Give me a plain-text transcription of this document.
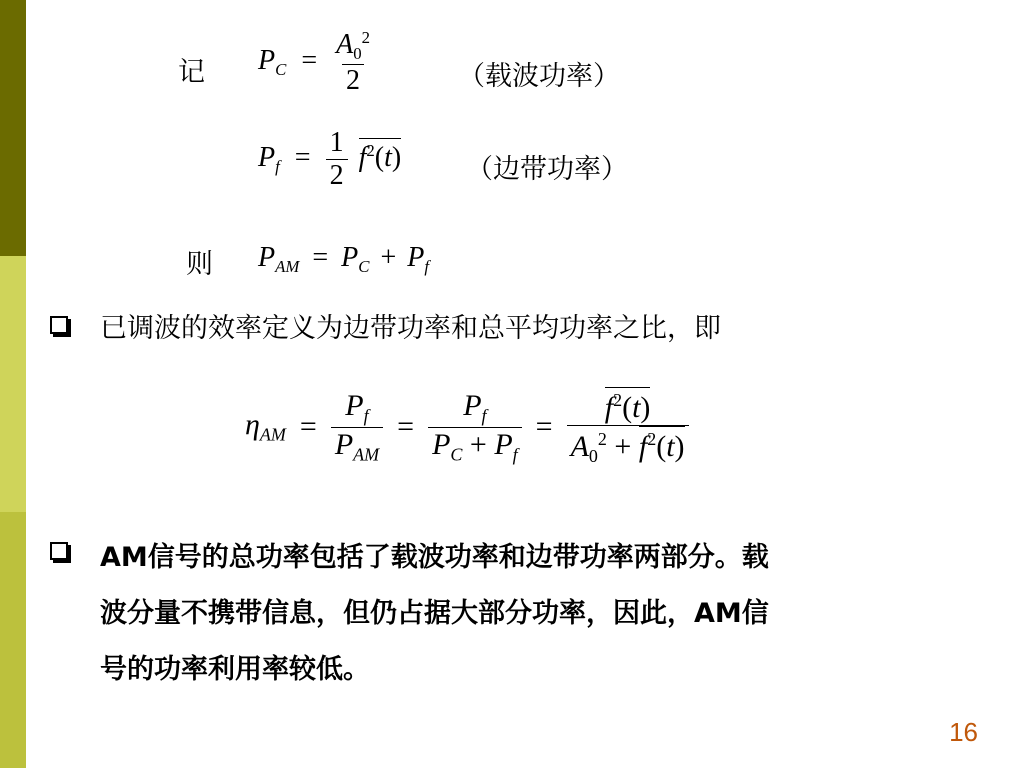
记 $P_C = \frac{A_0^2}{2}$	（载波功率）
$P_f = \frac{1}{2} f^2(t)$ （边带功率）
则 $P_{AM} = P_C + P_f$
已调波的效率定义为边带功率和总平均功率之比，即
$\eta_{AM} = \frac{P_f}{P_{AM}} = \frac{P_f}{P_C + P_f} = \frac{f^2(t)}{A_0^2 + f^2(t)}$
AM信号的总功率包括了载波功率和边带功率两部分。载
波分量不携带信息，但仍占据大部分功率，因此，AM信
号的功率利用率较低。
16
